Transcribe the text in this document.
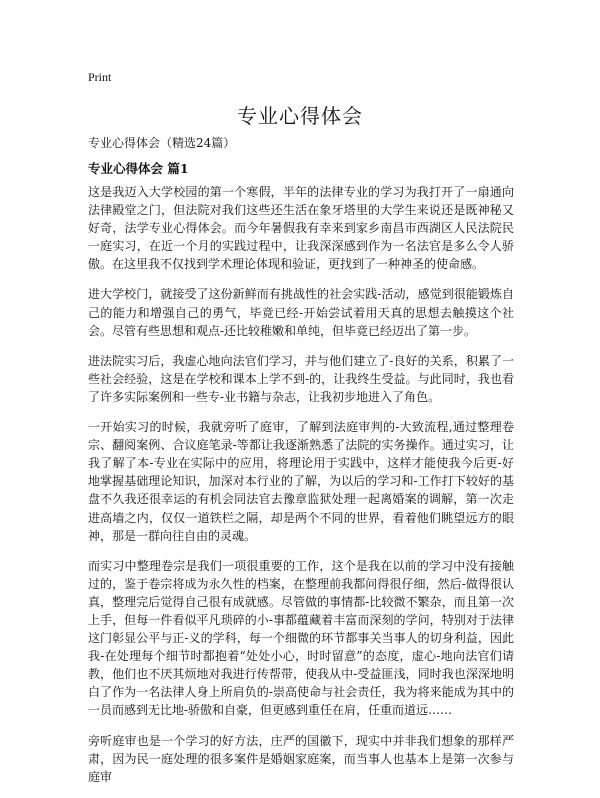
Print
专业心得体会
专业心得体会（精选24篇）
专业心得体会 篇1

这是我迈入大学校园的第一个寒假，半年的法律专业的学习为我打开了一扇通向法律殿堂之门，但法院对我们这些还生活在象牙塔里的大学生来说还是既神秘又好奇，法学专业心得体会。而今年暑假我有幸来到家乡南昌市西湖区人民法院民一庭实习，在近一个月的实践过程中，让我深深感到作为一名法官是多么令人骄傲。在这里我不仅找到学术理论体现和验证，更找到了一种神圣的使命感。

进大学校门，就接受了这份新鲜而有挑战性的社会实践-活动，感觉到很能锻炼自己的能力和增强自己的勇气，毕竟已经-开始尝试着用天真的思想去触摸这个社会。尽管有些思想和观点-还比较稚嫩和单纯，但毕竟已经迈出了第一步。

进法院实习后，我虚心地向法官们学习，并与他们建立了-良好的关系，积累了一些社会经验，这是在学校和课本上学不到-的，让我终生受益。与此同时，我也看了许多实际案例和一些专-业书籍与杂志，让我初步地进入了角色。

一开始实习的时候，我就旁听了庭审，了解到法庭审判的-大致流程,通过整理卷宗、翻阅案例、合议庭笔录-等都让我逐渐熟悉了法院的实务操作。通过实习，让我了解了本-专业在实际中的应用，将理论用于实践中，这样才能使我今后更-好地掌握基础理论知识，加深对本行业的了解，为以后的学习和-工作打下较好的基盘不久我还很幸运的有机会同法官去豫章监狱处理一起离婚案的调解，第一次走进高墙之内，仅仅一道铁栏之隔，却是两个不同的世界，看着他们眺望远方的眼神，那是一群向往自由的灵魂。

而实习中整理卷宗是我们一项很重要的工作，这个是我在以前的学习中没有接触过的，鉴于卷宗将成为永久性的档案，在整理前我都问得很仔细，然后-做得很认真，整理完后觉得自己很有成就感。尽管做的事情都-比较微不繁杂，而且第一次上手，但每一件看似平凡琐碎的小-事都蕴藏着丰富而深刻的学问，特别对于法律这门彰显公平与正-义的学科，每一个细微的环节都事关当事人的切身利益，因此我-在处理每个细节时都抱着“处处小心，时时留意”的态度，虚心-地向法官们请教，他们也不厌其烦地对我进行传帮带，使我从中-受益匪浅，同时我也深深地明白了作为一名法律人身上所肩负的-崇高使命与社会责任，我为将来能成为其中的一员而感到无比地-骄傲和自豪，但更感到重任在肩，任重而道远……

旁听庭审也是一个学习的好方法，庄严的国徽下，现实中并非我们想象的那样严肃，因为民一庭处理的很多案件是婚姻家庭案，而当事人也基本上是第一次参与庭审
